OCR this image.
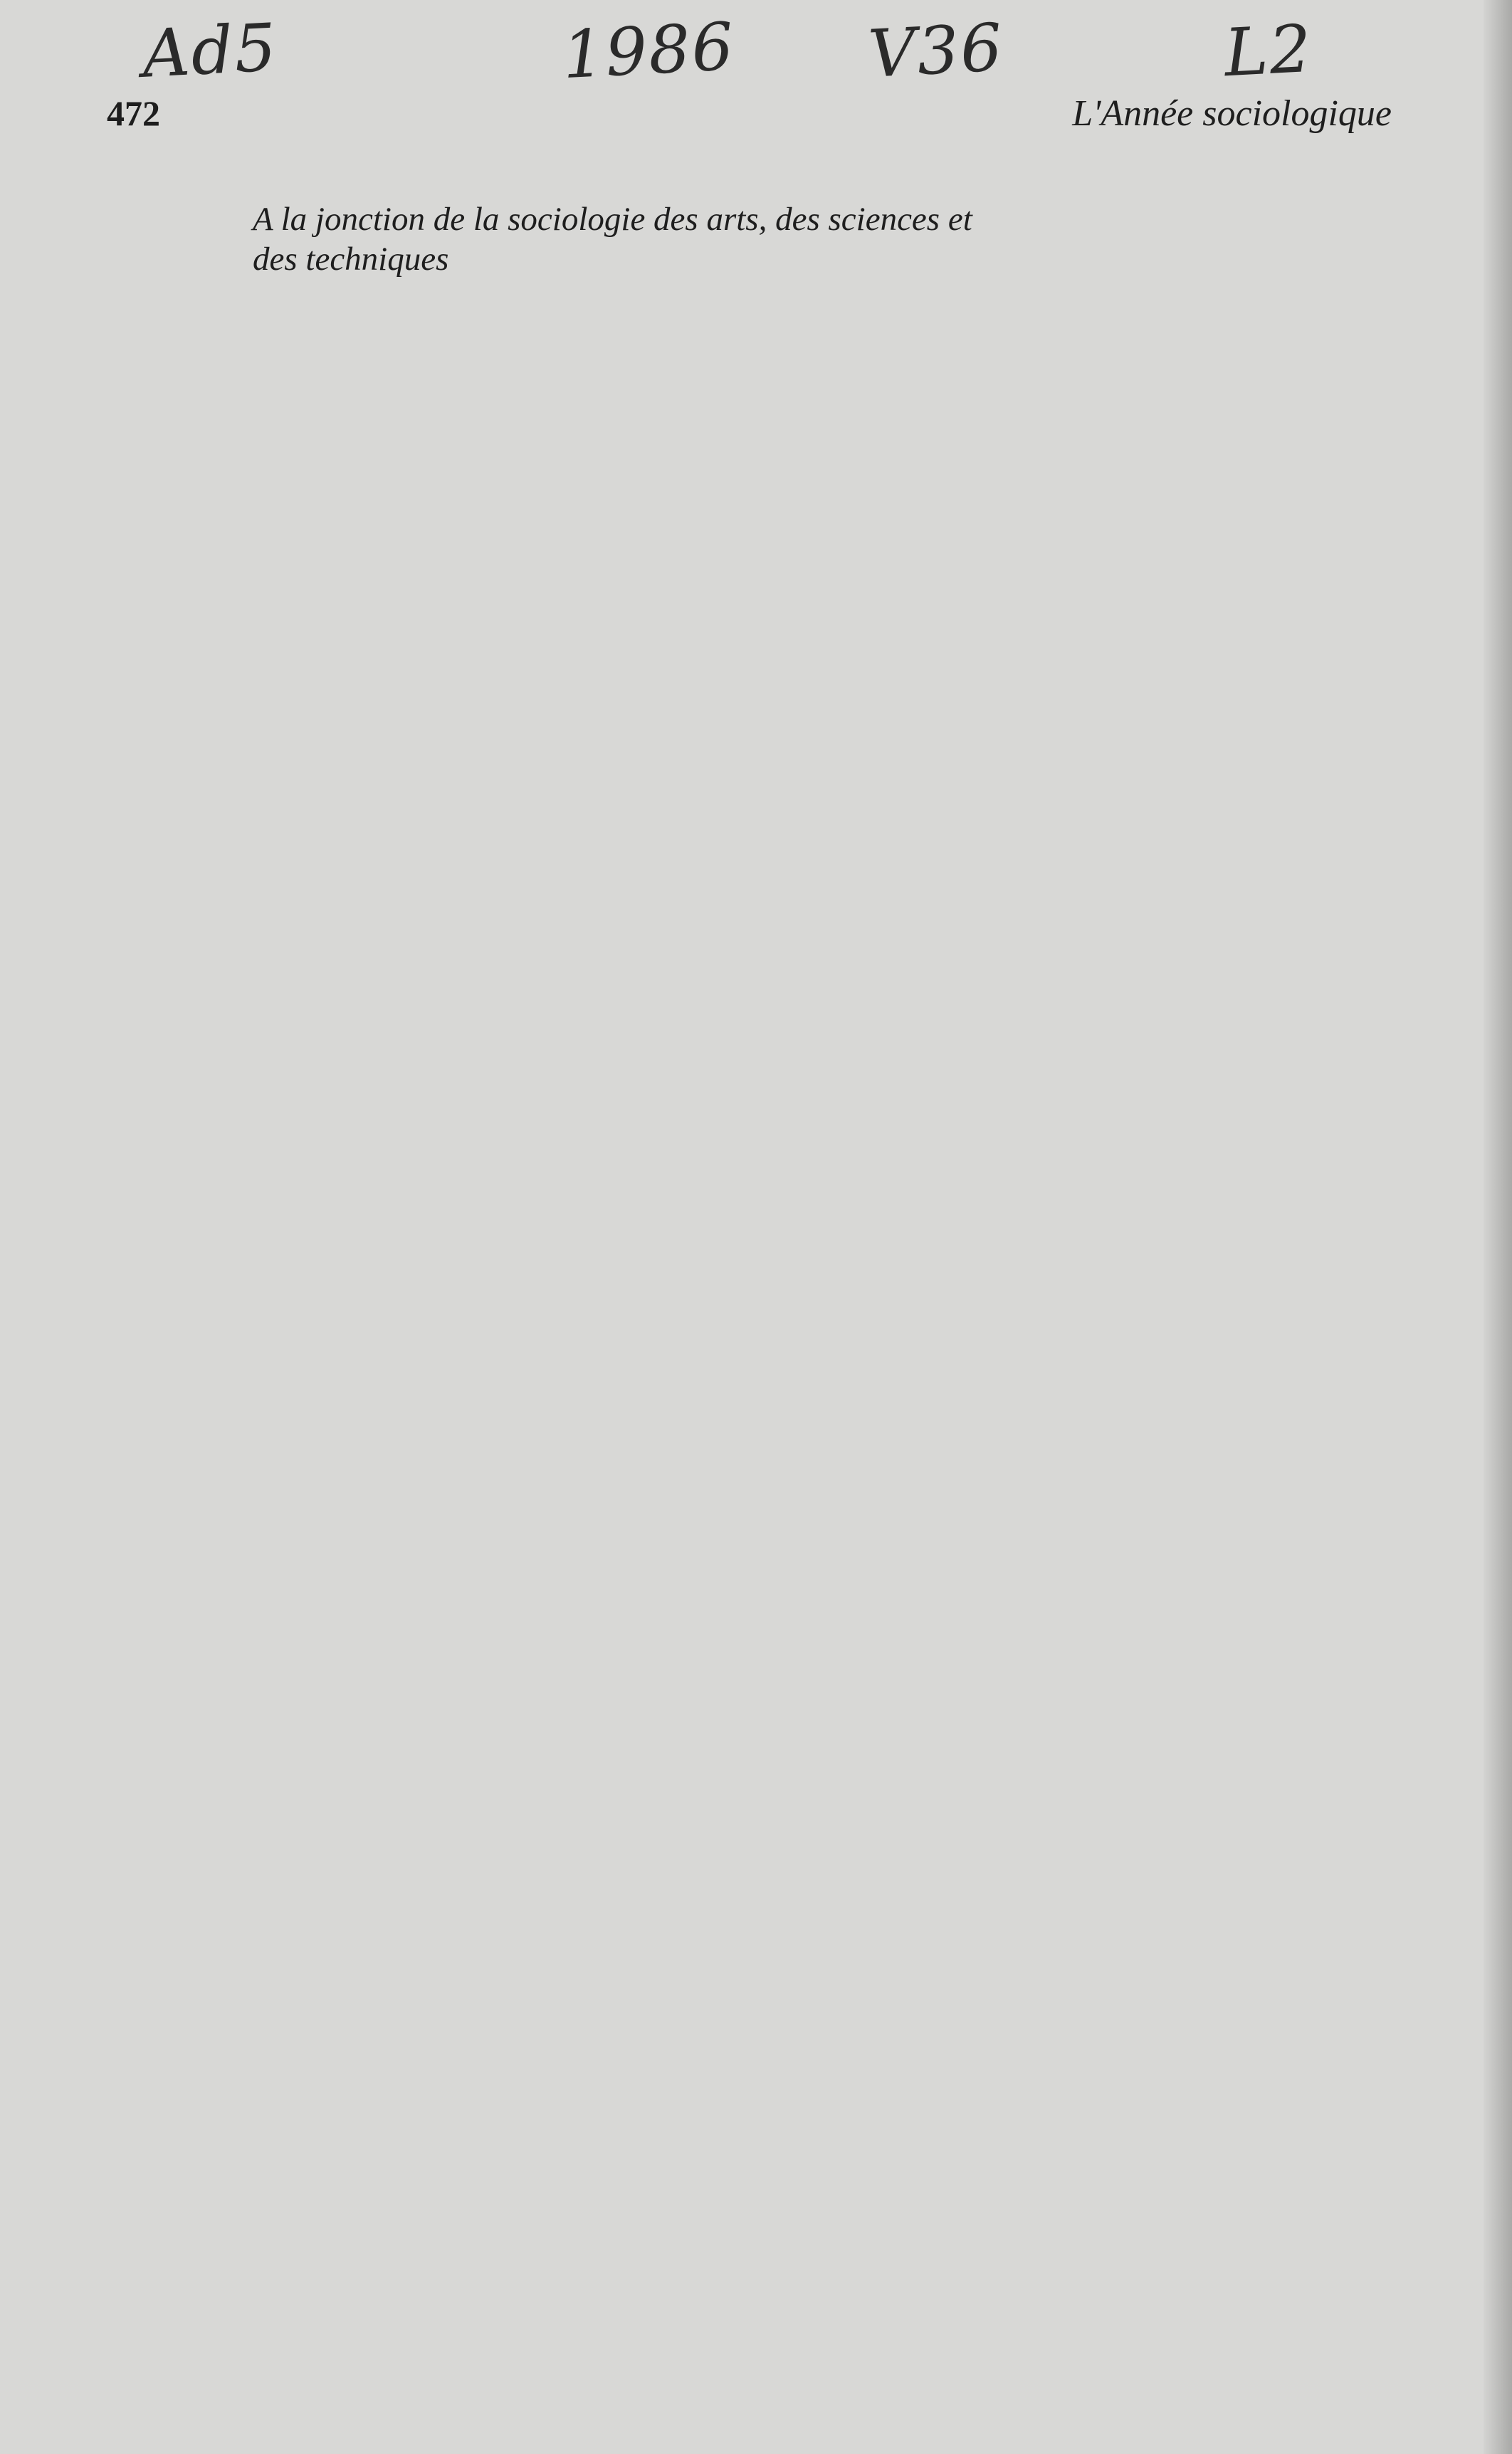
Ad5	1986 V36	L2
472	L'Année sociologique
A la jonction de la sociologie des arts, des sciences et
des techniques
